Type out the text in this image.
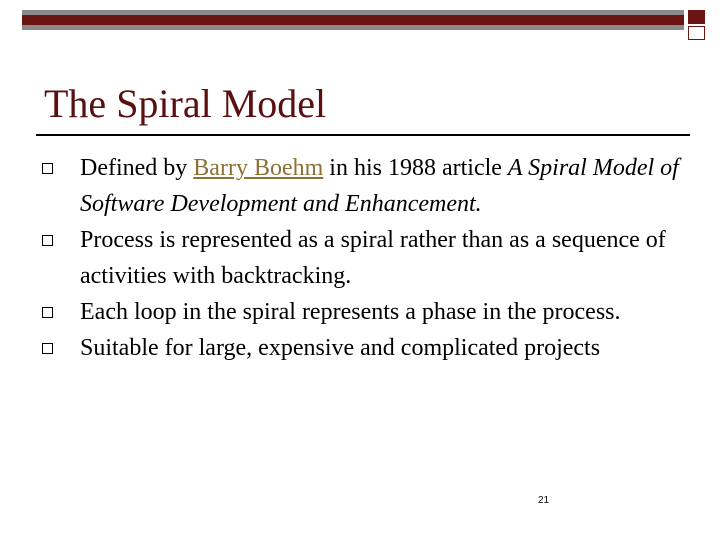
The Spiral Model
Defined by Barry Boehm in his 1988 article A Spiral Model of Software Development and Enhancement.
Process is represented as a spiral rather than as a sequence of activities with backtracking.
Each loop in the spiral represents a phase in the process.
Suitable for large, expensive and complicated projects
21
